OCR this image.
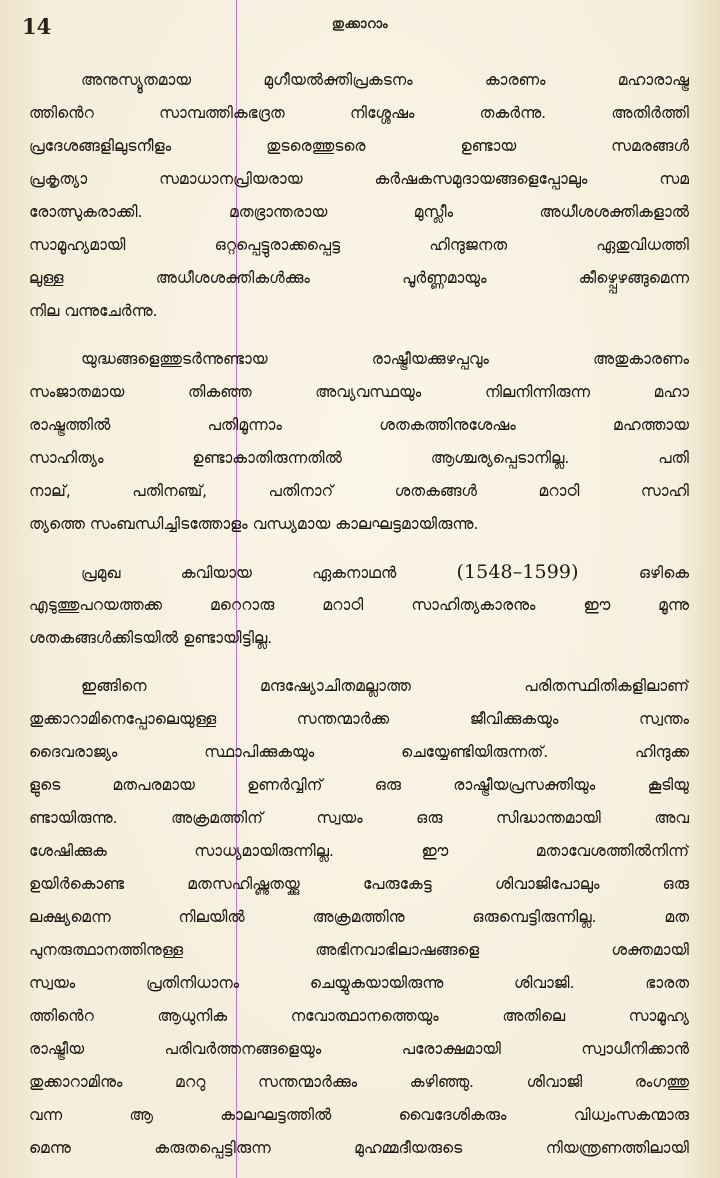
14	തുക്കാറാം

അനുസ്യൂതമായ മുഗീയൽക്തിപ്രകടനം കാരണം മഹാരാഷ്ട്ര
ത്തിൻെറ സാമ്പത്തികഭദ്രത നിശ്ശേഷം തകർന്നു. അതിർത്തി
പ്രദേശങ്ങളിലുടനീളം തുടരെത്തുടരെ ഉണ്ടായ സമരങ്ങൾ
പ്രകൃത്യാ സമാധാനപ്രിയരായ കർഷകസമുദായങ്ങളെപ്പോലും സമ
രോത്സുകരാക്കി. മതഭ്രാന്തരായ മുസ്ലീം അധീശശക്തികളാൽ
സാമൂഹ്യമായി ഒറ്റപ്പെട്ടുരാക്കപ്പെട്ട ഹിന്ദുജനത ഏതുവിധത്തി
ലുള്ള അധീശശക്തികൾക്കും പൂർണ്ണമായും കീഴ്പ്പെഴങ്ങുമെന്ന
നില വന്നുചേർന്നു.

യുദ്ധങ്ങളെത്തുടർന്നുണ്ടായ രാഷ്ട്രീയക്കുഴപ്പവും അതുകാരണം
സംജാതമായ തികഞ്ഞ അവ്യവസ്ഥയും നിലനിന്നിരുന്ന മഹാ
രാഷ്ട്രത്തിൽ പതിമൂന്നാം ശതകത്തിനുശേഷം മഹത്തായ
സാഹിത്യം ഉണ്ടാകാതിരുന്നതിൽ ആശ്ചര്യപ്പെടാനില്ല. പതി
നാല്, പതിനഞ്ച്, പതിനാറ് ശതകങ്ങൾ മറാഠി സാഹി
ത്യത്തെ സംബന്ധിച്ചിടത്തോളം വന്ധ്യമായ കാലഘട്ടമായിരുന്നു.

പ്രമുഖ കവിയായ ഏകനാഥൻ (1548–1599) ഒഴികെ
എടുത്തുപറയത്തക്ക മറെറാരു മറാഠി സാഹിത്യകാരനും ഈ മൂന്നു
ശതകങ്ങൾക്കിടയിൽ ഉണ്ടായിട്ടില്ല.

ഇങ്ങിനെ മന്ദഷ്യോചിതമല്ലാത്ത പരിതസ്ഥിതികളിലാണ്
തുക്കാറാമിനെപ്പോലെയുള്ള സന്തന്മാർക്ക ജീവിക്കുകയും സ്വന്തം
ദൈവരാജ്യം സ്ഥാപിക്കുകയും ചെയ്യേണ്ടിയിരുന്നത്. ഹിന്ദുക്ക
ളുടെ മതപരമായ ഉണർവ്വിന് ഒരു രാഷ്ട്രീയപ്രസക്തിയും കൂടിയു
ണ്ടായിരുന്നു. അക്രമത്തിന് സ്വയം ഒരു സിദ്ധാന്തമായി അവ
ശേഷിക്കുക സാധ്യമായിരുന്നില്ല. ഈ മതാവേശത്തിൽനിന്ന്
ഉയിർകൊണ്ട മതസഹിഷ്ണുതയ്ക്കു പേരുകേട്ട ശിവാജിപോലും ഒരു
ലക്ഷ്യമെന്ന നിലയിൽ അക്രമത്തിനു ഒരുമ്പെട്ടിരുന്നില്ല. മത
പുനരുത്ഥാനത്തിനുള്ള അഭിനവാഭിലാഷങ്ങളെ ശക്തമായി
സ്വയം പ്രതിനിധാനം ചെയ്യുകയായിരുന്നു ശിവാജി. ഭാരത
ത്തിൻെറ ആധുനിക നവോത്ഥാനത്തെയും അതിലെ സാമൂഹ്യ
രാഷ്ട്രീയ പരിവർത്തനങ്ങളെയും പരോക്ഷമായി സ്വാധീനിക്കാൻ
തുക്കാറാമിനും മററു സന്തന്മാർക്കും കഴിഞ്ഞു. ശിവാജി രംഗത്തു
വന്ന ആ കാലഘട്ടത്തിൽ വൈദേശികരും വിധ്വംസകന്മാരു
മെന്നു കരുതപ്പെട്ടിരുന്ന മുഹമ്മദീയരുടെ നിയന്ത്രണത്തിലായി
